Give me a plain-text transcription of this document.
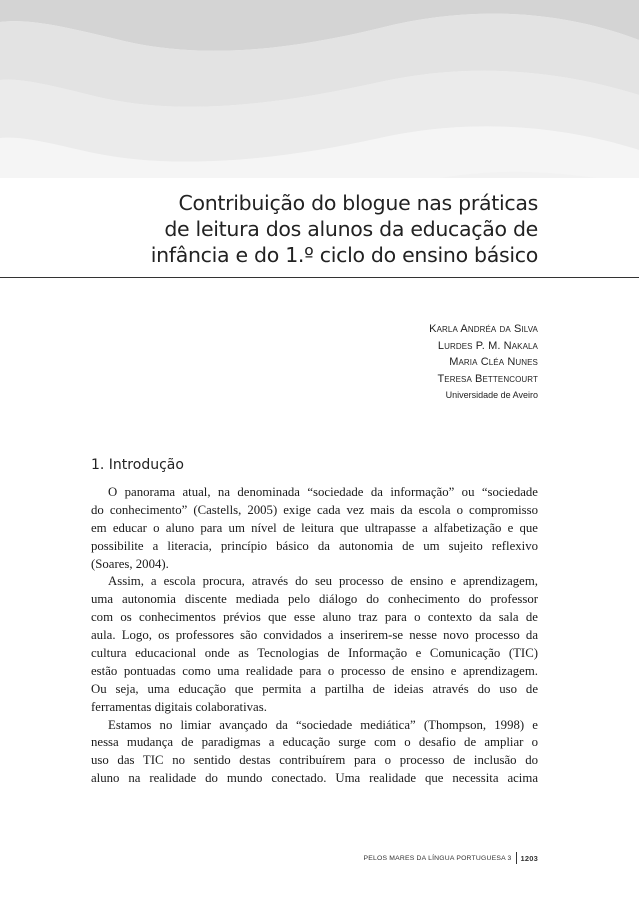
Contribuição do blogue nas práticas
de leitura dos alunos da educação de
infância e do 1.º ciclo do ensino básico
Karla Andréa da Silva
Lurdes P. M. Nakala
Maria Cléa Nunes
Teresa Bettencourt
Universidade de Aveiro
1. Introdução
O panorama atual, na denominada “sociedade da informação” ou “sociedade
do conhecimento” (Castells, 2005) exige cada vez mais da escola o compromisso
em educar o aluno para um nível de leitura que ultrapasse a alfabetização e que
possibilite a literacia, princípio básico da autonomia de um sujeito reflexivo
(Soares, 2004).
Assim, a escola procura, através do seu processo de ensino e aprendizagem,
uma autonomia discente mediada pelo diálogo do conhecimento do professor
com os conhecimentos prévios que esse aluno traz para o contexto da sala de
aula. Logo, os professores são convidados a inserirem-se nesse novo processo da
cultura educacional onde as Tecnologias de Informação e Comunicação (TIC)
estão pontuadas como uma realidade para o processo de ensino e aprendizagem.
Ou seja, uma educação que permita a partilha de ideias através do uso de
ferramentas digitais colaborativas.
Estamos no limiar avançado da “sociedade mediática” (Thompson, 1998) e
nessa mudança de paradigmas a educação surge com o desafio de ampliar o
uso das TIC no sentido destas contribuírem para o processo de inclusão do
aluno na realidade do mundo conectado. Uma realidade que necessita acima
PELOS MARES DA LÍNGUA PORTUGUESA 3 1203
